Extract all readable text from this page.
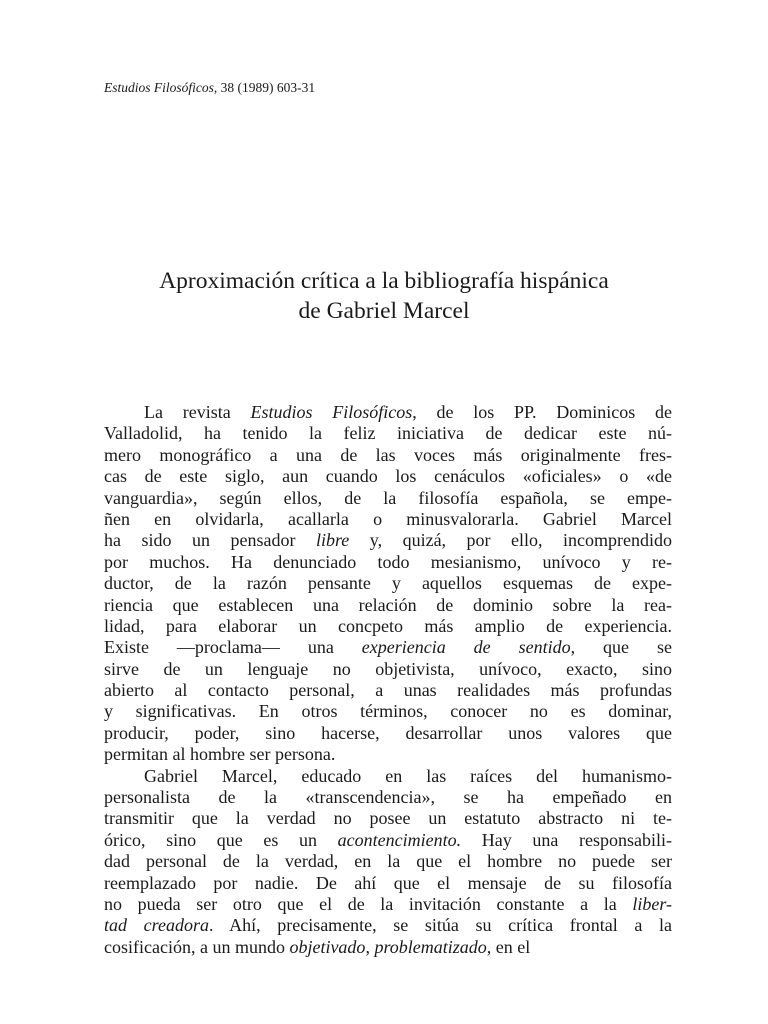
Estudios Filosóficos, 38 (1989) 603-31
Aproximación crítica a la bibliografía hispánica
de Gabriel Marcel
La revista Estudios Filosóficos, de los PP. Dominicos de
Valladolid, ha tenido la feliz iniciativa de dedicar este nú-
mero monográfico a una de las voces más originalmente fres-
cas de este siglo, aun cuando los cenáculos «oficiales» o «de
vanguardia», según ellos, de la filosofía española, se empe-
ñen en olvidarla, acallarla o minusvalorarla. Gabriel Marcel
ha sido un pensador libre y, quizá, por ello, incomprendido
por muchos. Ha denunciado todo mesianismo, unívoco y re-
ductor, de la razón pensante y aquellos esquemas de expe-
riencia que establecen una relación de dominio sobre la rea-
lidad, para elaborar un concpeto más amplio de experiencia.
Existe —proclama— una experiencia de sentido, que se
sirve de un lenguaje no objetivista, unívoco, exacto, sino
abierto al contacto personal, a unas realidades más profundas
y significativas. En otros términos, conocer no es dominar,
producir, poder, sino hacerse, desarrollar unos valores que
permitan al hombre ser persona.
Gabriel Marcel, educado en las raíces del humanismo-
personalista de la «transcendencia», se ha empeñado en
transmitir que la verdad no posee un estatuto abstracto ni te-
órico, sino que es un acontencimiento. Hay una responsabili-
dad personal de la verdad, en la que el hombre no puede ser
reemplazado por nadie. De ahí que el mensaje de su filosofía
no pueda ser otro que el de la invitación constante a la liber-
tad creadora. Ahí, precisamente, se sitúa su crítica frontal a la
cosificación, a un mundo objetivado, problematizado, en el
